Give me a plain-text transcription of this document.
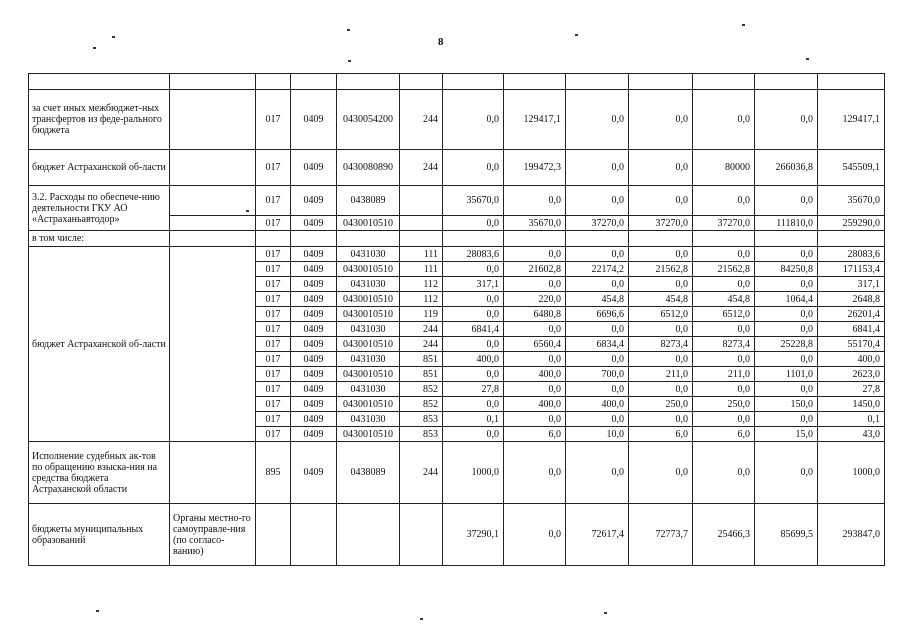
8

за счет иных межбюджет-ных трансфертов из феде-рального бюджета		017	0409	0430054200	244	0,0	129417,1	0,0	0,0	0,0	0,0	129417,1
бюджет Астраханской об-ласти		017	0409	0430080890	244	0,0	199472,3	0,0	0,0	80000	266036,8	545509,1
3.2. Расходы по обеспече-нию деятельности ГКУ АО «Астраханьавтодор»		017	0409	0438089		35670,0	0,0	0,0	0,0	0,0	0,0	35670,0
		017	0409	0430010510		0,0	35670,0	37270,0	37270,0	37270,0	111810,0	259290,0
в том числе:												
бюджет Астраханской об-ласти		017	0409	0431030	111	28083,6	0,0	0,0	0,0	0,0	0,0	28083,6
		017	0409	0430010510	111	0,0	21602,8	22174,2	21562,8	21562,8	84250,8	171153,4
		017	0409	0431030	112	317,1	0,0	0,0	0,0	0,0	0,0	317,1
		017	0409	0430010510	112	0,0	220,0	454,8	454,8	454,8	1064,4	2648,8
		017	0409	0430010510	119	0,0	6480,8	6696,6	6512,0	6512,0	0,0	26201,4
		017	0409	0431030	244	6841,4	0,0	0,0	0,0	0,0	0,0	6841,4
		017	0409	0430010510	244	0,0	6560,4	6834,4	8273,4	8273,4	25228,8	55170,4
		017	0409	0431030	851	400,0	0,0	0,0	0,0	0,0	0,0	400,0
		017	0409	0430010510	851	0,0	400,0	700,0	211,0	211,0	1101,0	2623,0
		017	0409	0431030	852	27,8	0,0	0,0	0,0	0,0	0,0	27,8
		017	0409	0430010510	852	0,0	400,0	400,0	250,0	250,0	150,0	1450,0
		017	0409	0431030	853	0,1	0,0	0,0	0,0	0,0	0,0	0,1
		017	0409	0430010510	853	0,0	6,0	10,0	6,0	6,0	15,0	43,0
Исполнение судебных ак-тов по обращению взыска-ния на средства бюджета Астраханской области		895	0409	0438089	244	1000,0	0,0	0,0	0,0	0,0	0,0	1000,0
бюджеты муниципальных образований	Органы местно-го самоуправле-ния (по согласо-ванию)					37290,1	0,0	72617,4	72773,7	25466,3	85699,5	293847,0
